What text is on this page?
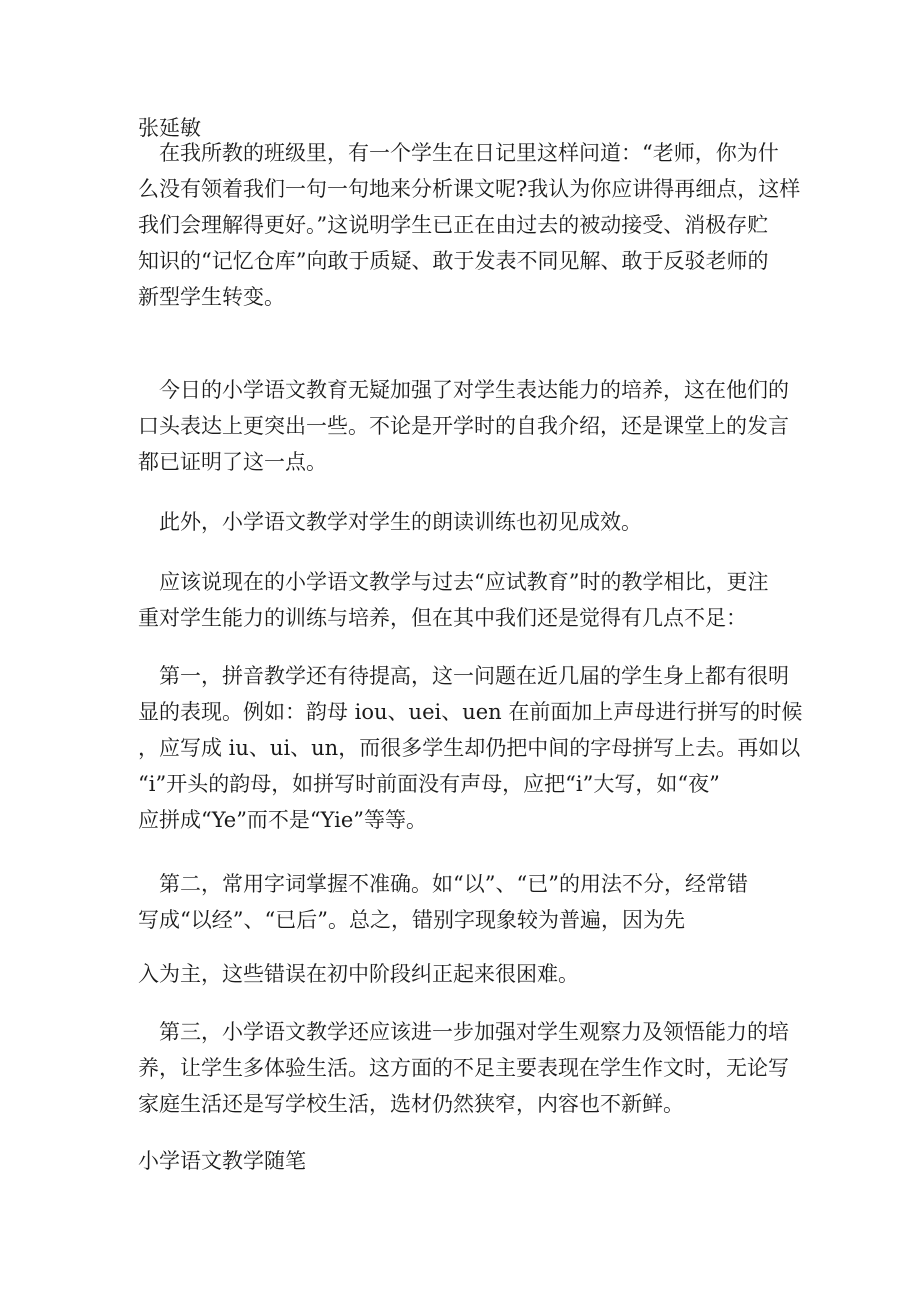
张延敏

在我所教的班级里，有一个学生在日记里这样问道：“老师，你为什
么没有领着我们一句一句地来分析课文呢?我认为你应讲得再细点，这样
我们会理解得更好。”这说明学生已正在由过去的被动接受、消极存贮
知识的“记忆仓库”向敢于质疑、敢于发表不同见解、敢于反驳老师的
新型学生转变。
今日的小学语文教育无疑加强了对学生表达能力的培养，这在他们的
口头表达上更突出一些。不论是开学时的自我介绍，还是课堂上的发言
都已证明了这一点。
此外，小学语文教学对学生的朗读训练也初见成效。
应该说现在的小学语文教学与过去“应试教育”时的教学相比，更注
重对学生能力的训练与培养，但在其中我们还是觉得有几点不足：
第一，拼音教学还有待提高，这一问题在近几届的学生身上都有很明
显的表现。例如：韵母 iou、uei、uen 在前面加上声母进行拼写的时候
，应写成 iu、ui、un，而很多学生却仍把中间的字母拼写上去。再如以
“i”开头的韵母，如拼写时前面没有声母，应把“i”大写，如“夜”
应拼成“Ye”而不是“Yie”等等。
第二，常用字词掌握不准确。如“以”、“已”的用法不分，经常错
写成“以经”、“已后”。总之，错别字现象较为普遍，因为先

入为主，这些错误在初中阶段纠正起来很困难。

第三，小学语文教学还应该进一步加强对学生观察力及领悟能力的培
养，让学生多体验生活。这方面的不足主要表现在学生作文时，无论写
家庭生活还是写学校生活，选材仍然狭窄，内容也不新鲜。

小学语文教学随笔
